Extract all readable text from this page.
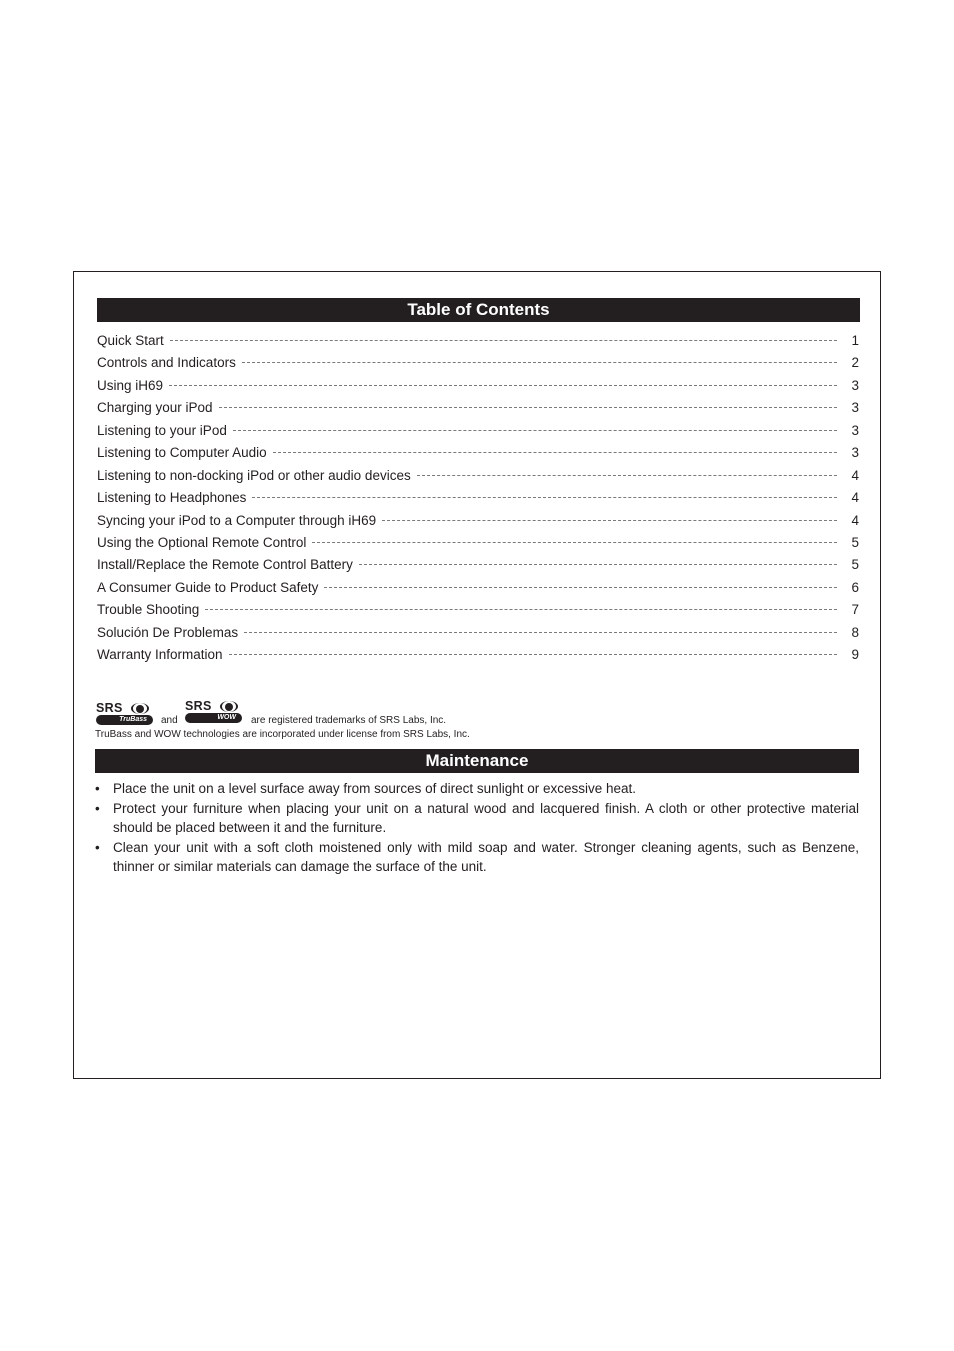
Table of Contents
Quick Start	1
Controls and Indicators	2
Using iH69	3
Charging your iPod	3
Listening to your iPod	3
Listening to Computer Audio	3
Listening to non-docking iPod or other audio devices	4
Listening to Headphones	4
Syncing your iPod to a Computer through iH69	4
Using the Optional Remote Control	5
Install/Replace the Remote Control Battery	5
A Consumer Guide to Product Safety	6
Trouble Shooting	7
Solución De Problemas	8
Warranty Information	9
SRS
TruBass	and
SRS
WOW	are registered trademarks of SRS Labs, Inc.
TruBass and WOW technologies are incorporated under license from SRS Labs, Inc.
Maintenance
• Place the unit on a level surface away from sources of direct sunlight or excessive heat.
• Protect your furniture when placing your unit on a natural wood and lacquered finish. A cloth or other protective material should be placed between it and the furniture.
• Clean your unit with a soft cloth moistened only with mild soap and water. Stronger cleaning agents, such as Benzene, thinner or similar materials can damage the surface of the unit.
